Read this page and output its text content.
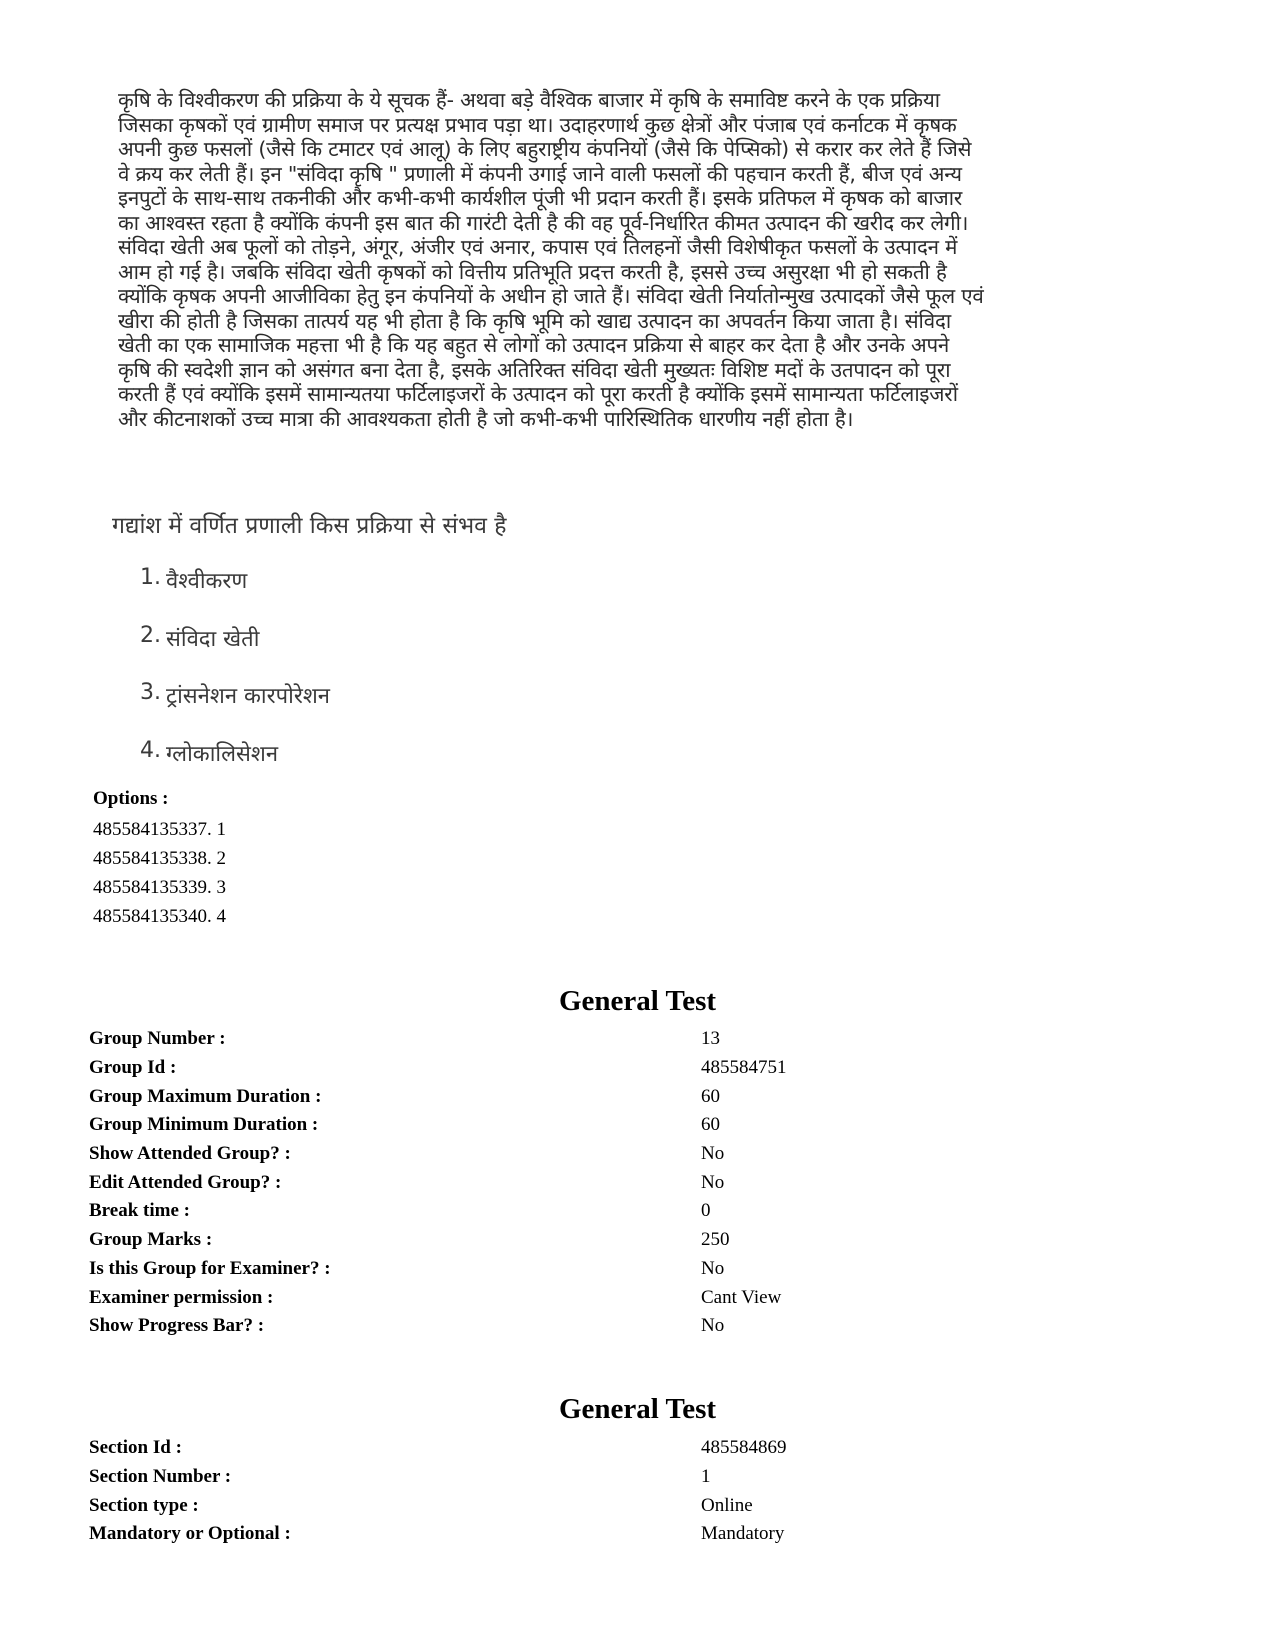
कृषि के विश्वीकरण की प्रक्रिया के ये सूचक हैं- अथवा बड़े वैश्विक बाजार में कृषि के समाविष्ट करने के एक प्रक्रिया
जिसका कृषकों एवं ग्रामीण समाज पर प्रत्यक्ष प्रभाव पड़ा था। उदाहरणार्थ कुछ क्षेत्रों और पंजाब एवं कर्नाटक में कृषक
अपनी कुछ फसलों (जैसे कि टमाटर एवं आलू) के लिए बहुराष्ट्रीय कंपनियों (जैसे कि पेप्सिको) से करार कर लेते हैं जिसे
वे क्रय कर लेती हैं। इन "संविदा कृषि " प्रणाली में कंपनी उगाई जाने वाली फसलों की पहचान करती हैं, बीज एवं अन्य
इनपुटों के साथ-साथ तकनीकी और कभी-कभी कार्यशील पूंजी भी प्रदान करती हैं। इसके प्रतिफल में कृषक को बाजार
का आश्वस्त रहता है क्योंकि कंपनी इस बात की गारंटी देती है की वह पूर्व-निर्धारित कीमत उत्पादन की खरीद कर लेगी।
संविदा खेती अब फूलों को तोड़ने, अंगूर, अंजीर एवं अनार, कपास एवं तिलहनों जैसी विशेषीकृत फसलों के उत्पादन में
आम हो गई है। जबकि संविदा खेती कृषकों को वित्तीय प्रतिभूति प्रदत्त करती है, इससे उच्च असुरक्षा भी हो सकती है
क्योंकि कृषक अपनी आजीविका हेतु इन कंपनियों के अधीन हो जाते हैं। संविदा खेती निर्यातोन्मुख उत्पादकों जैसे फूल एवं
खीरा की होती है जिसका तात्पर्य यह भी होता है कि कृषि भूमि को खाद्य उत्पादन का अपवर्तन किया जाता है। संविदा
खेती का एक सामाजिक महत्ता भी है कि यह बहुत से लोगों को उत्पादन प्रक्रिया से बाहर कर देता है और उनके अपने
कृषि की स्वदेशी ज्ञान को असंगत बना देता है, इसके अतिरिक्त संविदा खेती मुख्यतः विशिष्ट मदों के उतपादन को पूरा
करती हैं एवं क्योंकि इसमें सामान्यतया फर्टिलाइजरों के उत्पादन को पूरा करती है क्योंकि इसमें सामान्यता फर्टिलाइजरों
और कीटनाशकों उच्च मात्रा की आवश्यकता होती है जो कभी-कभी पारिस्थितिक धारणीय नहीं होता है।
गद्यांश में वर्णित प्रणाली किस प्रक्रिया से संभव है
1. वैश्वीकरण
2. संविदा खेती
3. ट्रांसनेशन कारपोरेशन
4. ग्लोकालिसेशन
Options :
485584135337. 1
485584135338. 2
485584135339. 3
485584135340. 4
General Test
Group Number :	13
Group Id :	485584751
Group Maximum Duration :	60
Group Minimum Duration :	60
Show Attended Group? :	No
Edit Attended Group? :	No
Break time :	0
Group Marks :	250
Is this Group for Examiner? :	No
Examiner permission :	Cant View
Show Progress Bar? :	No
General Test
Section Id :	485584869
Section Number :	1
Section type :	Online
Mandatory or Optional :	Mandatory
